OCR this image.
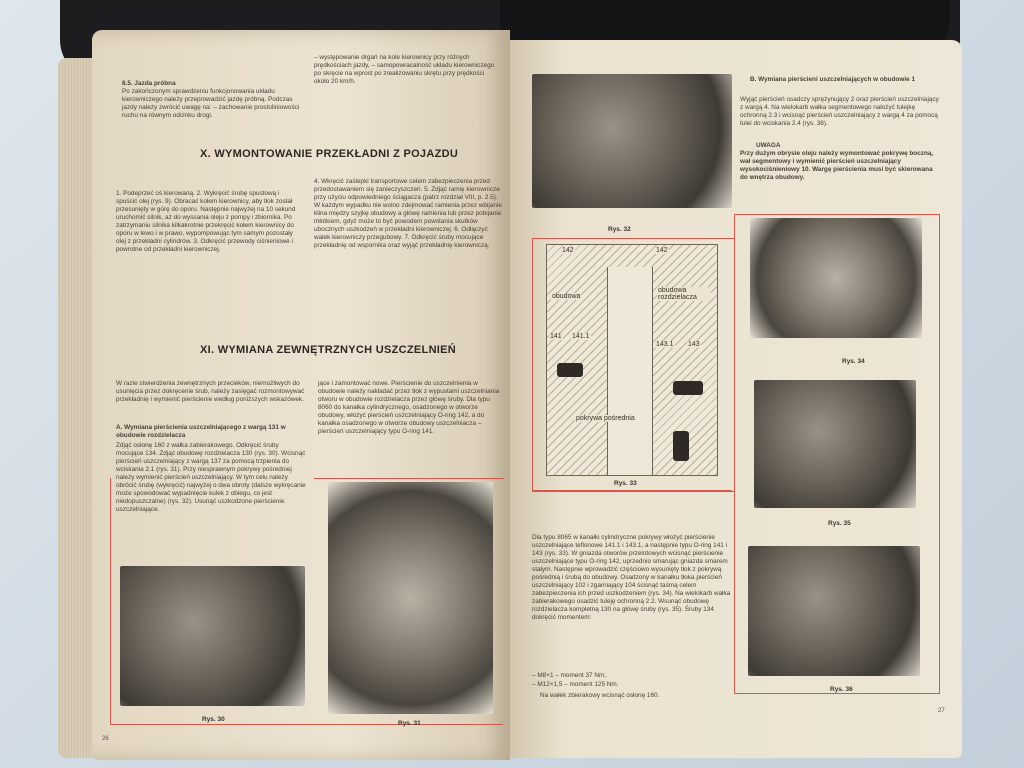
8.5. Jazda próbna
Po zakończonym sprawdzeniu funkcjonowania układu kierowniczego należy przeprowadzić jazdę próbną. Podczas jazdy należy zwrócić uwagę na: – zachowanie prostoliniowości ruchu na równym odcinku drogi.
– występowanie drgań na kole kierownicy przy różnych prędkościach jazdy, – samopowracalność układu kierowniczego po skręcie na wprost po zrealizowaniu skrętu przy prędkości około 20 km/h.
X. WYMONTOWANIE PRZEKŁADNI Z POJAZDU
1. Podeprzeć oś kierowaną. 2. Wykręcić śrubę spustową i spuścić olej (rys. 9). Obracać kołem kierownicy, aby tłok został przesunięty w górę do oporu. Następnie najwyżej na 10 sekund uruchomić silnik, aż do wyssania oleju z pompy i zbiornika. Po zatrzymaniu silnika kilkakrotnie przekręcić kołem kierownicy do oporu w lewo i w prawo, wypompowując tym samym pozostały olej z przekładni cylindrów. 3. Odkręcić przewody ciśnieniowe i powrotne od przekładni kierowniczej.
4. Wkręcić zaślepki transportowe celem zabezpieczenia przed przedostawaniem się zanieczyszczeń. 5. Zdjąć ramię kierownicze przy użyciu odpowiedniego ściągacza (patrz rozdział VIII, p. 2.5). W każdym wypadku nie wolno zdejmować ramienia przez wbijanie klina między szyjkę obudowy a główę ramienia lub przez pobijanie młotkiem, gdyż może to być powodem powstania skutków ubocznych uszkodzeń w przekładni kierowniczej. 6. Odłączyć wałek kierowniczy przegubowy. 7. Odkręcić śruby mocujące przekładnię od wspornika oraz wyjąć przekładnię kierowniczą.
XI. WYMIANA ZEWNĘTRZNYCH USZCZELNIEŃ
W razie stwierdzenia zewnętrznych przecieków, niemożliwych do usunięcia przez dokręcenie śrub, należy zasięgać rozmontowywać przekładnię i wymienić pierścienie według poniższych wskazówek.
A. Wymiana pierścienia uszczelniającego z wargą 131 w obudowie rozdzielacza
Zdjąć osłonę 160 z wałka zabierakowego. Odkręcić śruby mocujące 134. Zdjąć obudowę rozdzielacza 130 (rys. 30). Wcisnąć pierścień uszczelniający z wargą 137 za pomocą trzpienia do wciskania 2.1 (rys. 31). Przy niesprawnym pokrywy pośredniej należy wymienić pierścień uszczelniający. W tym celu należy obrócić śrubę (wykręcić) najwyżej o dwa obroty (dalsze wykręcanie może spowodować wypadnięcie kulek z obiegu, co jest niedopuszczalne) (rys. 32). Usunąć uszkodzone pierścienie uszczelniające.
jące i zamontować nowe. Pierścienie do uszczelnienia w obudowie należy nakładać przez tłok z wypustami uszczelniania otworu w obudowie rozdzielacza przez główę śruby. Dla typu 8060 do kanałka cylindrycznego, osadzonego w otworze obudowy, włożyć pierścień uszczelniający O-ring 142, a do kanałka osadzonego w otworze obudowy uszczelniacza – pierścień uszczelniający typu O-ring 141.
Rys. 30
Rys. 31
26
Rys. 32
B. Wymiana pierścieni uszczelniających w obudowie 1
Wyjąć pierścień osadczy sprężynujący 2 oraz pierścień uszczelniający z wargą 4. Na wielokarb wałka segmentowego nałożyć tulejkę ochronną 2.3 i wcisnąć pierścień uszczelniający z wargą 4 za pomocą tulei do wciskania 2.4 (rys. 38).
UWAGA
Przy dużym obrysie oleju należy wymontować pokrywę boczną, wał segmentowy i wymienić pierścień uszczelniający wysokociśnieniowy 10. Wargę pierścienia musi być skierowana do wnętrza obudowy.
142	142
obudowa
obudowa rozdzielacza
141 141.1
143.1 143
pokrywa pośrednia
Rys. 33
Rys. 34
Rys. 35
Rys. 36
Dla typu 8065 w kanałki cylindryczne pokrywy włożyć pierścienie uszczelniające teflonowe 141.1 i 143.1, a następnie typu O-ring 141 i 143 (rys. 33). W gniazda otworów przelotowych wcisnąć pierścienie uszczelniające typu O-ring 142, uprzednio smarując gniazda smarem stałym. Następnie wprowadzić częściowo wysunięty tłok z pokrywą pośrednią i śrubą do obudowy. Osadzony w kanałku tłoka pierścień uszczelniający 102 i zgarniający 104 ścisnąć taśmą celem zabezpieczenia ich przed uszkodzeniem (rys. 34). Na wielokarb wałka zabierakowego osadzić tuleję ochronną 2.2. Wsunąć obudowę rozdzielacza kompletną 130 na główę śruby (rys. 35). Śruby 134 dokręcić momentem:
– M8×1 – moment 37 Nm,
– M12×1,5 – moment 125 Nm.
Na wałek zbierakowy wcisnąć osłonę 160.
27
